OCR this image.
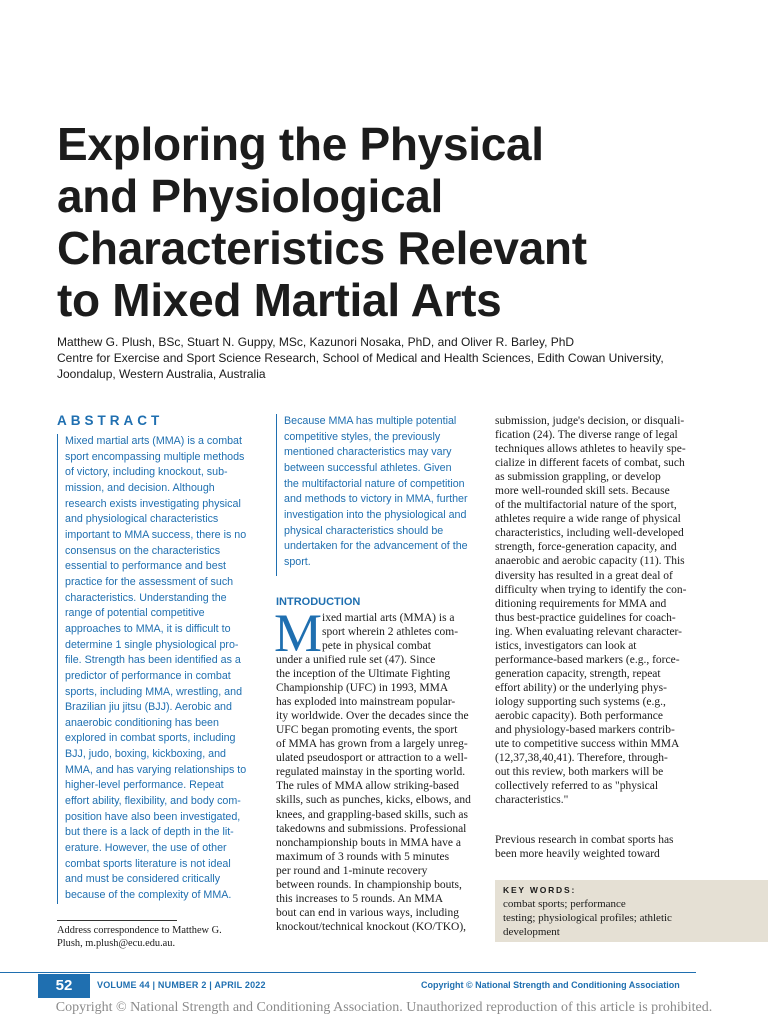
Exploring the Physical
and Physiological
Characteristics Relevant
to Mixed Martial Arts
Matthew G. Plush, BSc, Stuart N. Guppy, MSc, Kazunori Nosaka, PhD, and Oliver R. Barley, PhD
Centre for Exercise and Sport Science Research, School of Medical and Health Sciences, Edith Cowan University,
Joondalup, Western Australia, Australia
ABSTRACT
Mixed martial arts (MMA) is a combat
sport encompassing multiple methods
of victory, including knockout, sub-
mission, and decision. Although
research exists investigating physical
and physiological characteristics
important to MMA success, there is no
consensus on the characteristics
essential to performance and best
practice for the assessment of such
characteristics. Understanding the
range of potential competitive
approaches to MMA, it is difficult to
determine 1 single physiological pro-
file. Strength has been identified as a
predictor of performance in combat
sports, including MMA, wrestling, and
Brazilian jiu jitsu (BJJ). Aerobic and
anaerobic conditioning has been
explored in combat sports, including
BJJ, judo, boxing, kickboxing, and
MMA, and has varying relationships to
higher-level performance. Repeat
effort ability, flexibility, and body com-
position have also been investigated,
but there is a lack of depth in the lit-
erature. However, the use of other
combat sports literature is not ideal
and must be considered critically
because of the complexity of MMA.
Because MMA has multiple potential
competitive styles, the previously
mentioned characteristics may vary
between successful athletes. Given
the multifactorial nature of competition
and methods to victory in MMA, further
investigation into the physiological and
physical characteristics should be
undertaken for the advancement of the
sport.
Address correspondence to Matthew G.
Plush, m.plush@ecu.edu.au.
INTRODUCTION
M ixed martial arts (MMA) is a
sport wherein 2 athletes com-
pete in physical combat
under a unified rule set (47). Since
the inception of the Ultimate Fighting
Championship (UFC) in 1993, MMA
has exploded into mainstream popular-
ity worldwide. Over the decades since the
UFC began promoting events, the sport
of MMA has grown from a largely unreg-
ulated pseudosport or attraction to a well-
regulated mainstay in the sporting world.
The rules of MMA allow striking-based
skills, such as punches, kicks, elbows, and
knees, and grappling-based skills, such as
takedowns and submissions. Professional
nonchampionship bouts in MMA have a
maximum of 3 rounds with 5 minutes
per round and 1-minute recovery
between rounds. In championship bouts,
this increases to 5 rounds. An MMA
bout can end in various ways, including
knockout/technical knockout (KO/TKO),
submission, judge's decision, or disquali-
fication (24). The diverse range of legal
techniques allows athletes to heavily spe-
cialize in different facets of combat, such
as submission grappling, or develop
more well-rounded skill sets. Because
of the multifactorial nature of the sport,
athletes require a wide range of physical
characteristics, including well-developed
strength, force-generation capacity, and
anaerobic and aerobic capacity (11). This
diversity has resulted in a great deal of
difficulty when trying to identify the con-
ditioning requirements for MMA and
thus best-practice guidelines for coach-
ing. When evaluating relevant character-
istics, investigators can look at
performance-based markers (e.g., force-
generation capacity, strength, repeat
effort ability) or the underlying phys-
iology supporting such systems (e.g.,
aerobic capacity). Both performance
and physiology-based markers contrib-
ute to competitive success within MMA
(12,37,38,40,41). Therefore, through-
out this review, both markers will be
collectively referred to as "physical
characteristics."
Previous research in combat sports has
been more heavily weighted toward
KEY WORDS:
combat sports; performance
testing; physiological profiles; athletic
development
52	VOLUME 44 | NUMBER 2 | APRIL 2022	Copyright © National Strength and Conditioning Association
Copyright © National Strength and Conditioning Association. Unauthorized reproduction of this article is prohibited.
